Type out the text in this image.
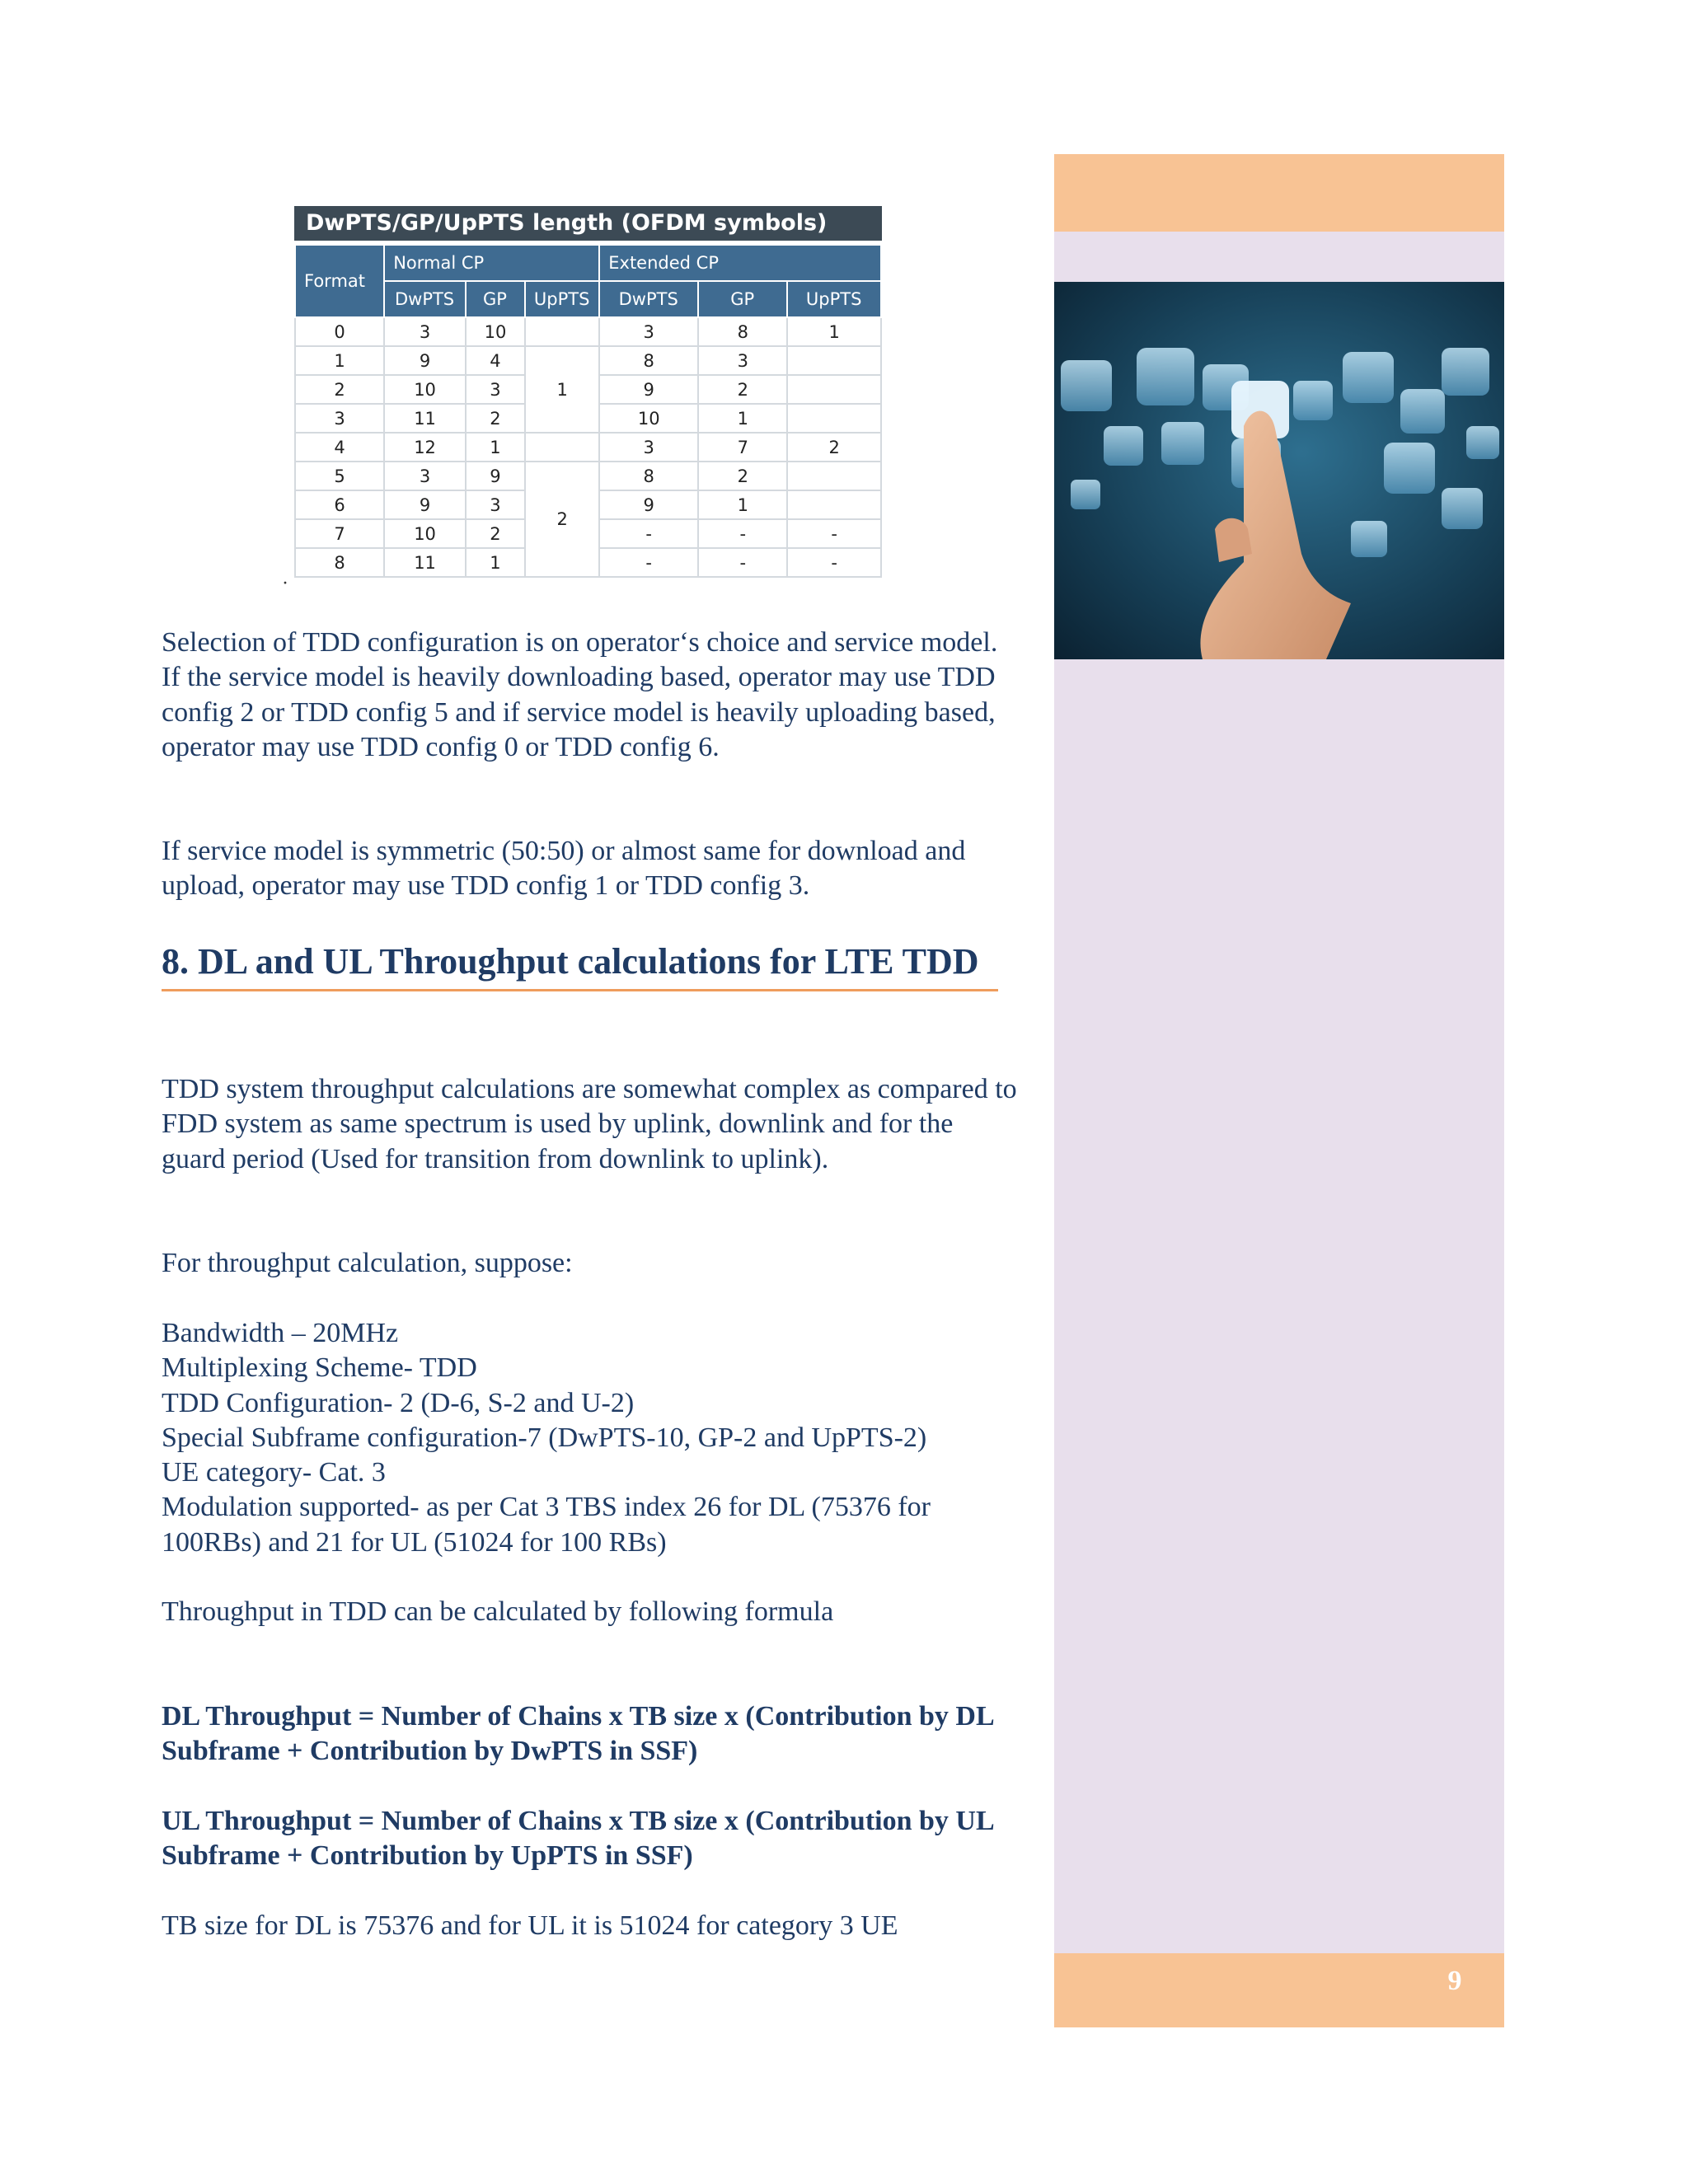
9
DwPTS/GP/UpPTS length (OFDM symbols)
Format	Normal CP			Extended CP		
	DwPTS	GP	UpPTS	DwPTS	GP	UpPTS
0	3	10		3	8	1
1	9	4	1	8	3	
2	10	3		9	2	
3	11	2		10	1	
4	12	1		3	7	2
5	3	9	2	8	2	
6	9	3		9	1	
7	10	2		-	-	-
8	11	1		-	-	-
·

Selection of TDD configuration is on operator‘s choice and service model. If the service model is heavily downloading based, operator may use TDD config 2 or TDD config 5 and if service model is heavily uploading based, operator may use TDD config 0 or TDD config 6.

If service model is symmetric (50:50) or almost same for download and upload, operator may use TDD config 1 or TDD config 3.

8. DL and UL Throughput calculations for LTE TDD

TDD system throughput calculations are somewhat complex as compared to FDD system as same spectrum is used by uplink, downlink and for the guard period (Used for transition from downlink to uplink).

For throughput calculation, suppose:

Bandwidth – 20MHz

Multiplexing Scheme- TDD

TDD Configuration- 2 (D-6, S-2 and U-2)

Special Subframe configuration-7 (DwPTS-10, GP-2 and UpPTS-2)

UE category- Cat. 3

Modulation supported- as per Cat 3 TBS index 26 for DL (75376 for 100RBs) and 21 for UL (51024 for 100 RBs)

Throughput in TDD can be calculated by following formula

DL Throughput = Number of Chains x TB size x (Contribution by DL Subframe + Contribution by DwPTS in SSF)

UL Throughput = Number of Chains x TB size x (Contribution by UL Subframe + Contribution by UpPTS in SSF)

TB size for DL is 75376 and for UL it is 51024 for category 3 UE
